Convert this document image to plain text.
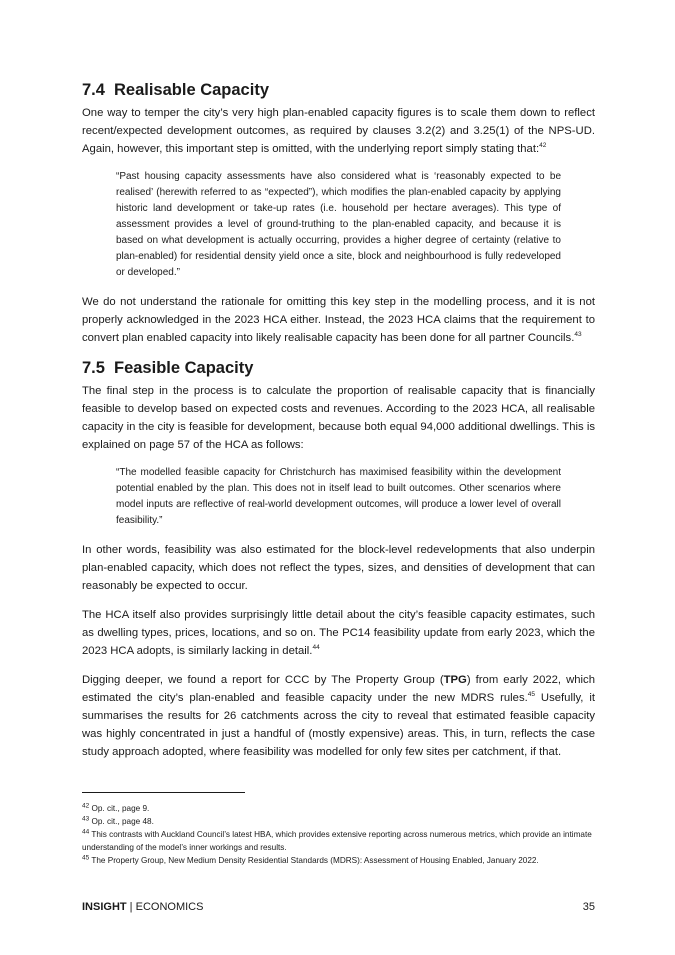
7.4 Realisable Capacity

One way to temper the city’s very high plan-enabled capacity figures is to scale them down to reflect recent/expected development outcomes, as required by clauses 3.2(2) and 3.25(1) of the NPS-UD. Again, however, this important step is omitted, with the underlying report simply stating that:$^{42}$

“Past housing capacity assessments have also considered what is ‘reasonably expected to be realised’ (herewith referred to as “expected”), which modifies the plan-enabled capacity by applying historic land development or take-up rates (i.e. household per hectare averages). This type of assessment provides a level of ground-truthing to the plan-enabled capacity, and because it is based on what development is actually occurring, provides a higher degree of certainty (relative to plan-enabled) for residential density yield once a site, block and neighbourhood is fully redeveloped or developed.”

We do not understand the rationale for omitting this key step in the modelling process, and it is not properly acknowledged in the 2023 HCA either. Instead, the 2023 HCA claims that the requirement to convert plan enabled capacity into likely realisable capacity has been done for all partner Councils.$^{43}$

7.5 Feasible Capacity

The final step in the process is to calculate the proportion of realisable capacity that is financially feasible to develop based on expected costs and revenues. According to the 2023 HCA, all realisable capacity in the city is feasible for development, because both equal 94,000 additional dwellings. This is explained on page 57 of the HCA as follows:

“The modelled feasible capacity for Christchurch has maximised feasibility within the development potential enabled by the plan. This does not in itself lead to built outcomes. Other scenarios where model inputs are reflective of real-world development outcomes, will produce a lower level of overall feasibility.”

In other words, feasibility was also estimated for the block-level redevelopments that also underpin plan-enabled capacity, which does not reflect the types, sizes, and densities of development that can reasonably be expected to occur.

The HCA itself also provides surprisingly little detail about the city’s feasible capacity estimates, such as dwelling types, prices, locations, and so on. The PC14 feasibility update from early 2023, which the 2023 HCA adopts, is similarly lacking in detail.$^{44}$

Digging deeper, we found a report for CCC by The Property Group (TPG) from early 2022, which estimated the city’s plan-enabled and feasible capacity under the new MDRS rules.$^{45}$ Usefully, it summarises the results for 26 catchments across the city to reveal that estimated feasible capacity was highly concentrated in just a handful of (mostly expensive) areas. This, in turn, reflects the case study approach adopted, where feasibility was modelled for only few sites per catchment, if that.

$^{42}$ Op. cit., page 9.
$^{43}$ Op. cit., page 48.
$^{44}$ This contrasts with Auckland Council’s latest HBA, which provides extensive reporting across numerous metrics, which provide an intimate understanding of the model’s inner workings and results.
$^{45}$ The Property Group, New Medium Density Residential Standards (MDRS): Assessment of Housing Enabled, January 2022.
INSIGHT | ECONOMICS	35
